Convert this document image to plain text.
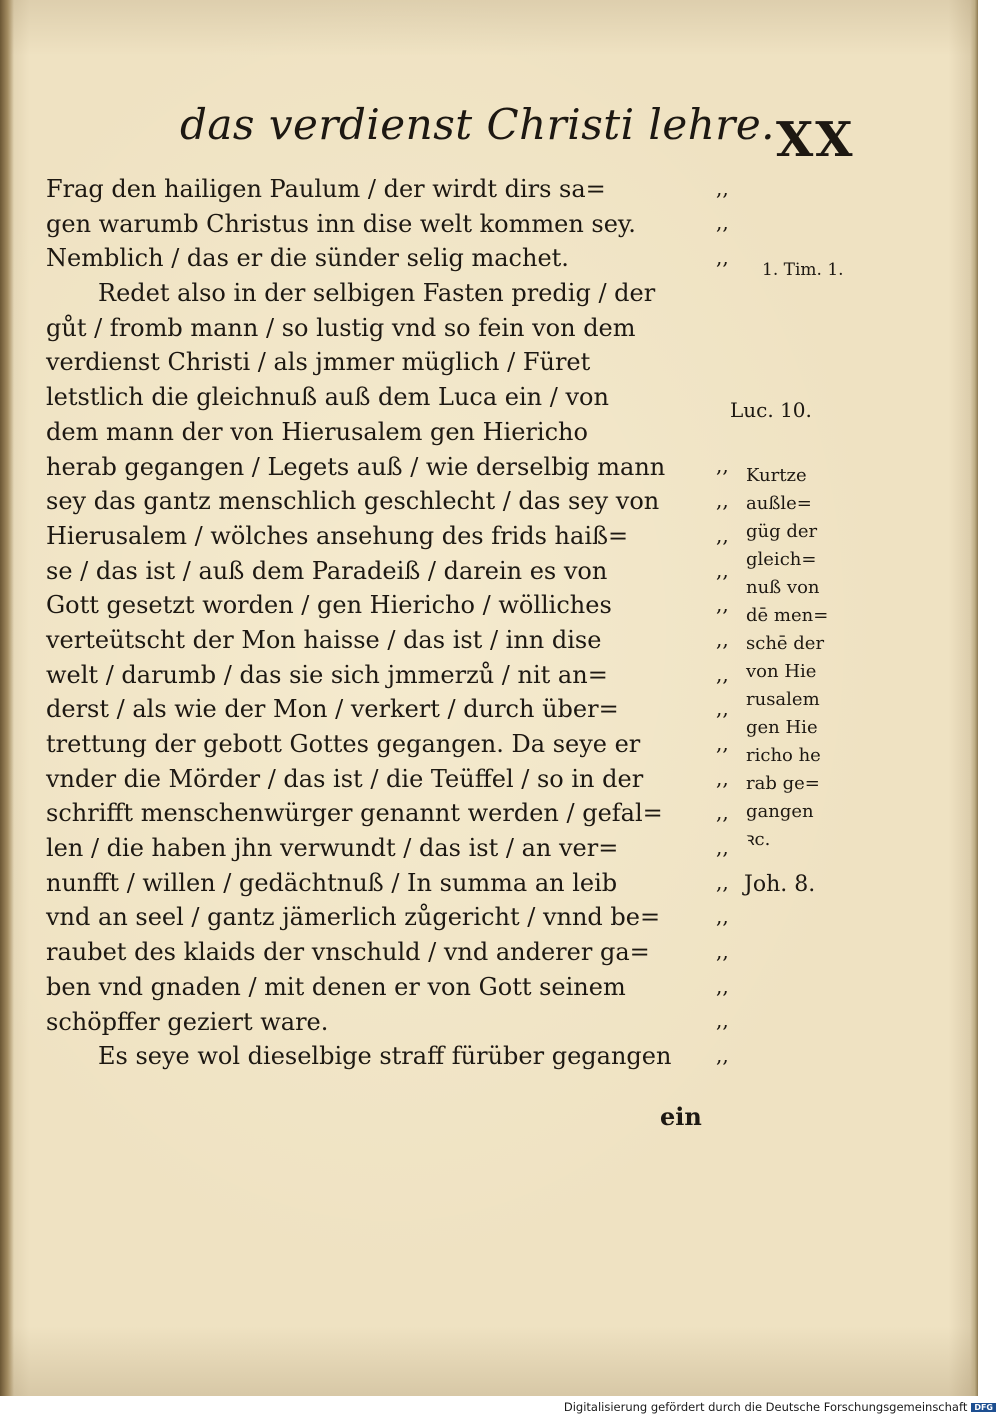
das verdienst Christi lehre. XX
Frag den hailigen Paulum / der wirdt dirs sa=
gen warumb Christus inn dise welt kommen sey.
Nemblich / das er die sünder selig machet.
Redet also in der selbigen Fasten predig / der
gůt / fromb mann / so lustig vnd so fein von dem
verdienst Christi / als jmmer müglich / Füret
letstlich die gleichnuß auß dem Luca ein / von
dem mann der von Hierusalem gen Hiericho
herab gegangen / Legets auß / wie derselbig mann
sey das gantz menschlich geschlecht / das sey von
Hierusalem / wölches ansehung des frids haiß=
se / das ist / auß dem Paradeiß / darein es von
Gott gesetzt worden / gen Hiericho / wölliches
verteütscht der Mon haisse / das ist / inn dise
welt / darumb / das sie sich jmmerzů / nit an=
derst / als wie der Mon / verkert / durch über=
trettung der gebott Gottes gegangen. Da seye er
vnder die Mörder / das ist / die Teüffel / so in der
schrifft menschenwürger genannt werden / gefal=
len / die haben jhn verwundt / das ist / an ver=
nunfft / willen / gedächtnuß / In summa an leib
vnd an seel / gantz jämerlich zůgericht / vnnd be=
raubet des klaids der vnschuld / vnd anderer ga=
ben vnd gnaden / mit denen er von Gott seinem
schöpffer geziert ware.
Es seye wol dieselbige straff fürüber gegangen
,,
,,
,,
,,
,,
,,
,,
,,
,,
,,
,,
,,
,,
,,
,,
,,
,,
,,
,,
,,
,,
1. Tim. 1.
Luc. 10.
Kurtze
außle=
güg der
gleich=
nuß von
dē men=
schē der
von Hie
rusalem
gen Hie
richo he
rab ge=
gangen
ꝛc.
Joh. 8.
ein
Digitalisierung gefördert durch die Deutsche Forschungsgemeinschaft DFG
